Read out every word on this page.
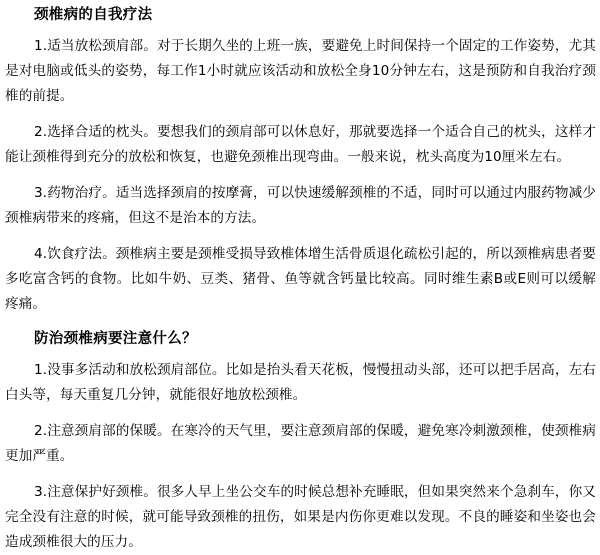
颈椎病的自我疗法

1.适当放松颈肩部。对于长期久坐的上班一族，要避免上时间保持一个固定的工作姿势，尤其是对电脑或低头的姿势，每工作1小时就应该活动和放松全身10分钟左右，这是预防和自我治疗颈椎的前提。

2.选择合适的枕头。要想我们的颈肩部可以休息好，那就要选择一个适合自己的枕头，这样才能让颈椎得到充分的放松和恢复，也避免颈椎出现弯曲。一般来说，枕头高度为10厘米左右。

3.药物治疗。适当选择颈肩的按摩膏，可以快速缓解颈椎的不适，同时可以通过内服药物减少颈椎病带来的疼痛，但这不是治本的方法。

4.饮食疗法。颈椎病主要是颈椎受损导致椎体增生活骨质退化疏松引起的，所以颈椎病患者要多吃富含钙的食物。比如牛奶、豆类、猪骨、鱼等就含钙量比较高。同时维生素B或E则可以缓解疼痛。

防治颈椎病要注意什么？

1.没事多活动和放松颈肩部位。比如是抬头看天花板，慢慢扭动头部，还可以把手居高，左右白头等，每天重复几分钟，就能很好地放松颈椎。

2.注意颈肩部的保暖。在寒冷的天气里，要注意颈肩部的保暖，避免寒冷刺激颈椎，使颈椎病更加严重。

3.注意保护好颈椎。很多人早上坐公交车的时候总想补充睡眠，但如果突然来个急刹车，你又完全没有注意的时候，就可能导致颈椎的扭伤，如果是内伤你更难以发现。不良的睡姿和坐姿也会造成颈椎很大的压力。
